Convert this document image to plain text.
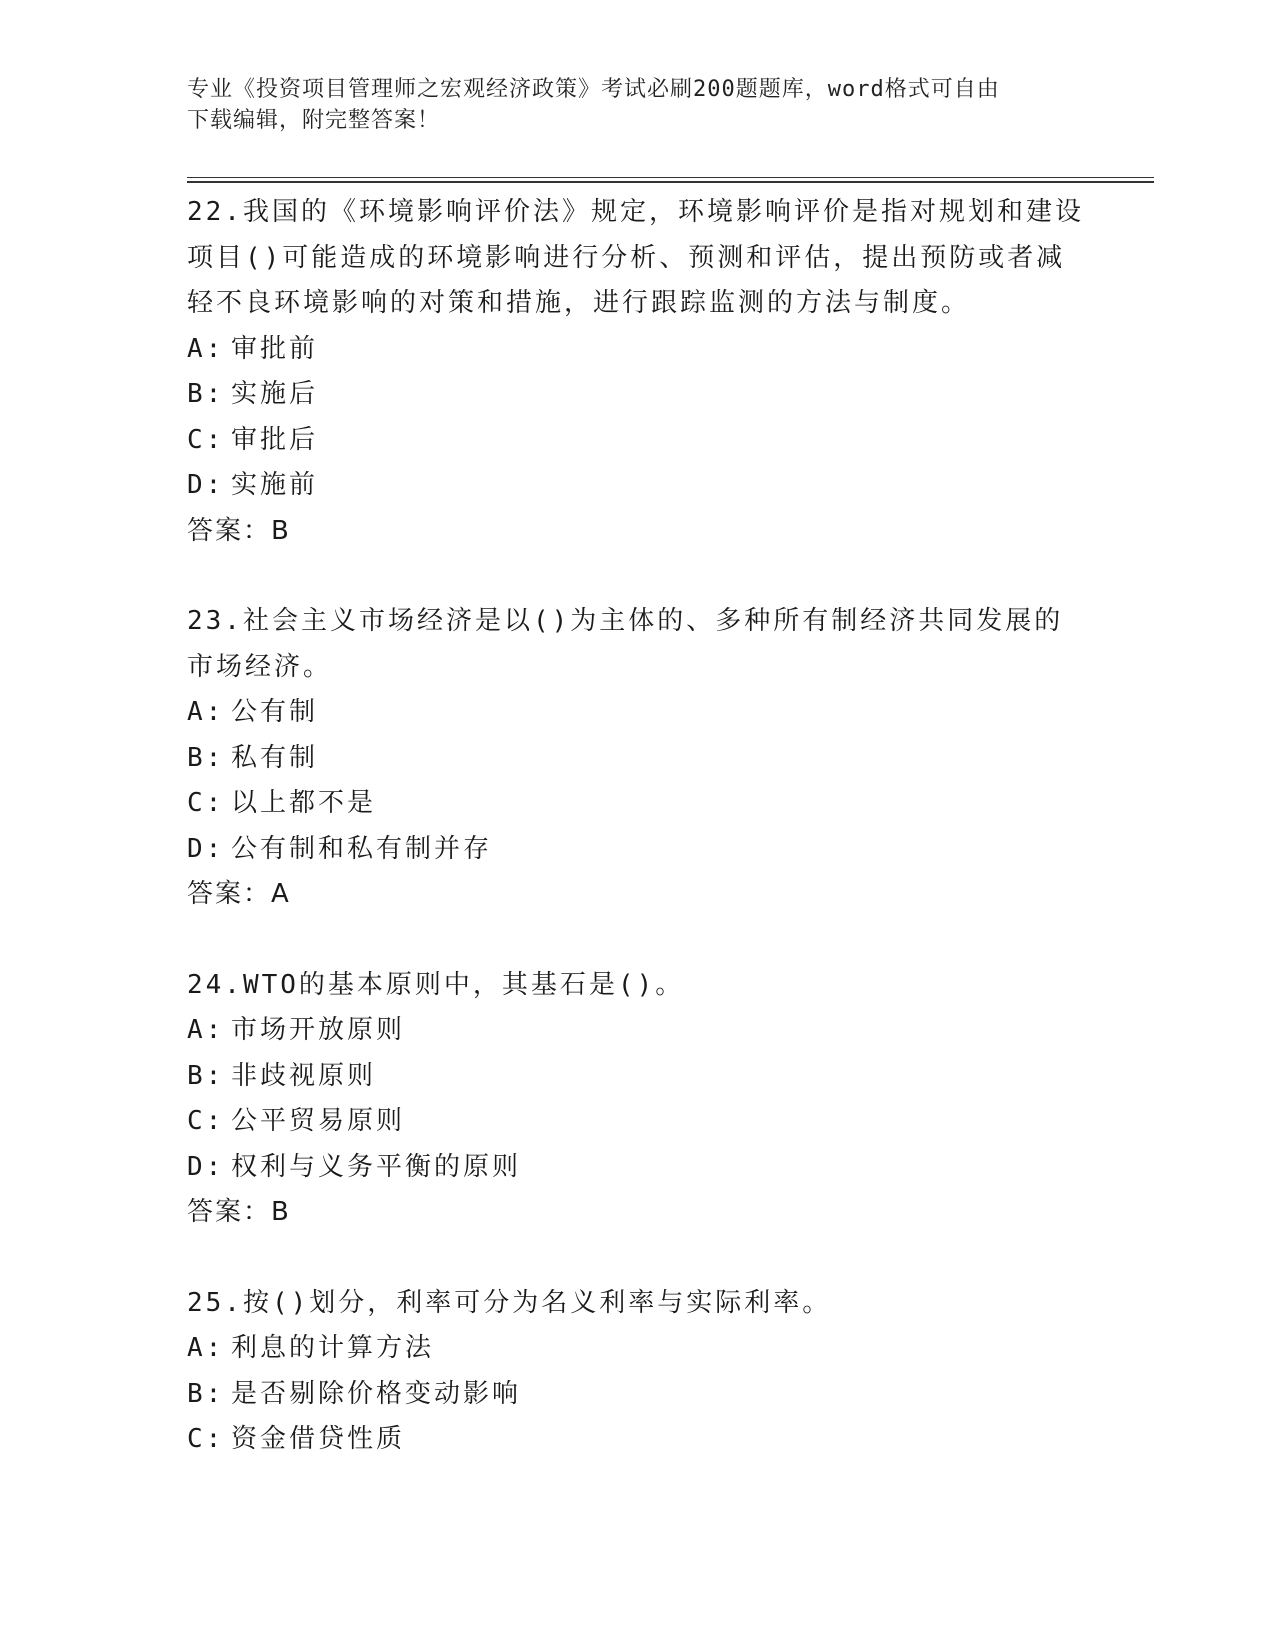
专业《投资项目管理师之宏观经济政策》考试必刷200题题库，word格式可自由
下载编辑，附完整答案！

22.我国的《环境影响评价法》规定，环境影响评价是指对规划和建设项目()可能造成的环境影响进行分析、预测和评估，提出预防或者减轻不良环境影响的对策和措施，进行跟踪监测的方法与制度。

A: 审批前
B: 实施后
C: 审批后
D: 实施前
答案：B

23.社会主义市场经济是以()为主体的、多种所有制经济共同发展的市场经济。

A: 公有制
B: 私有制
C: 以上都不是
D: 公有制和私有制并存
答案：A

24.WTO的基本原则中，其基石是()。

A: 市场开放原则
B: 非歧视原则
C: 公平贸易原则
D: 权利与义务平衡的原则
答案：B

25.按()划分，利率可分为名义利率与实际利率。

A: 利息的计算方法
B: 是否剔除价格变动影响
C: 资金借贷性质
